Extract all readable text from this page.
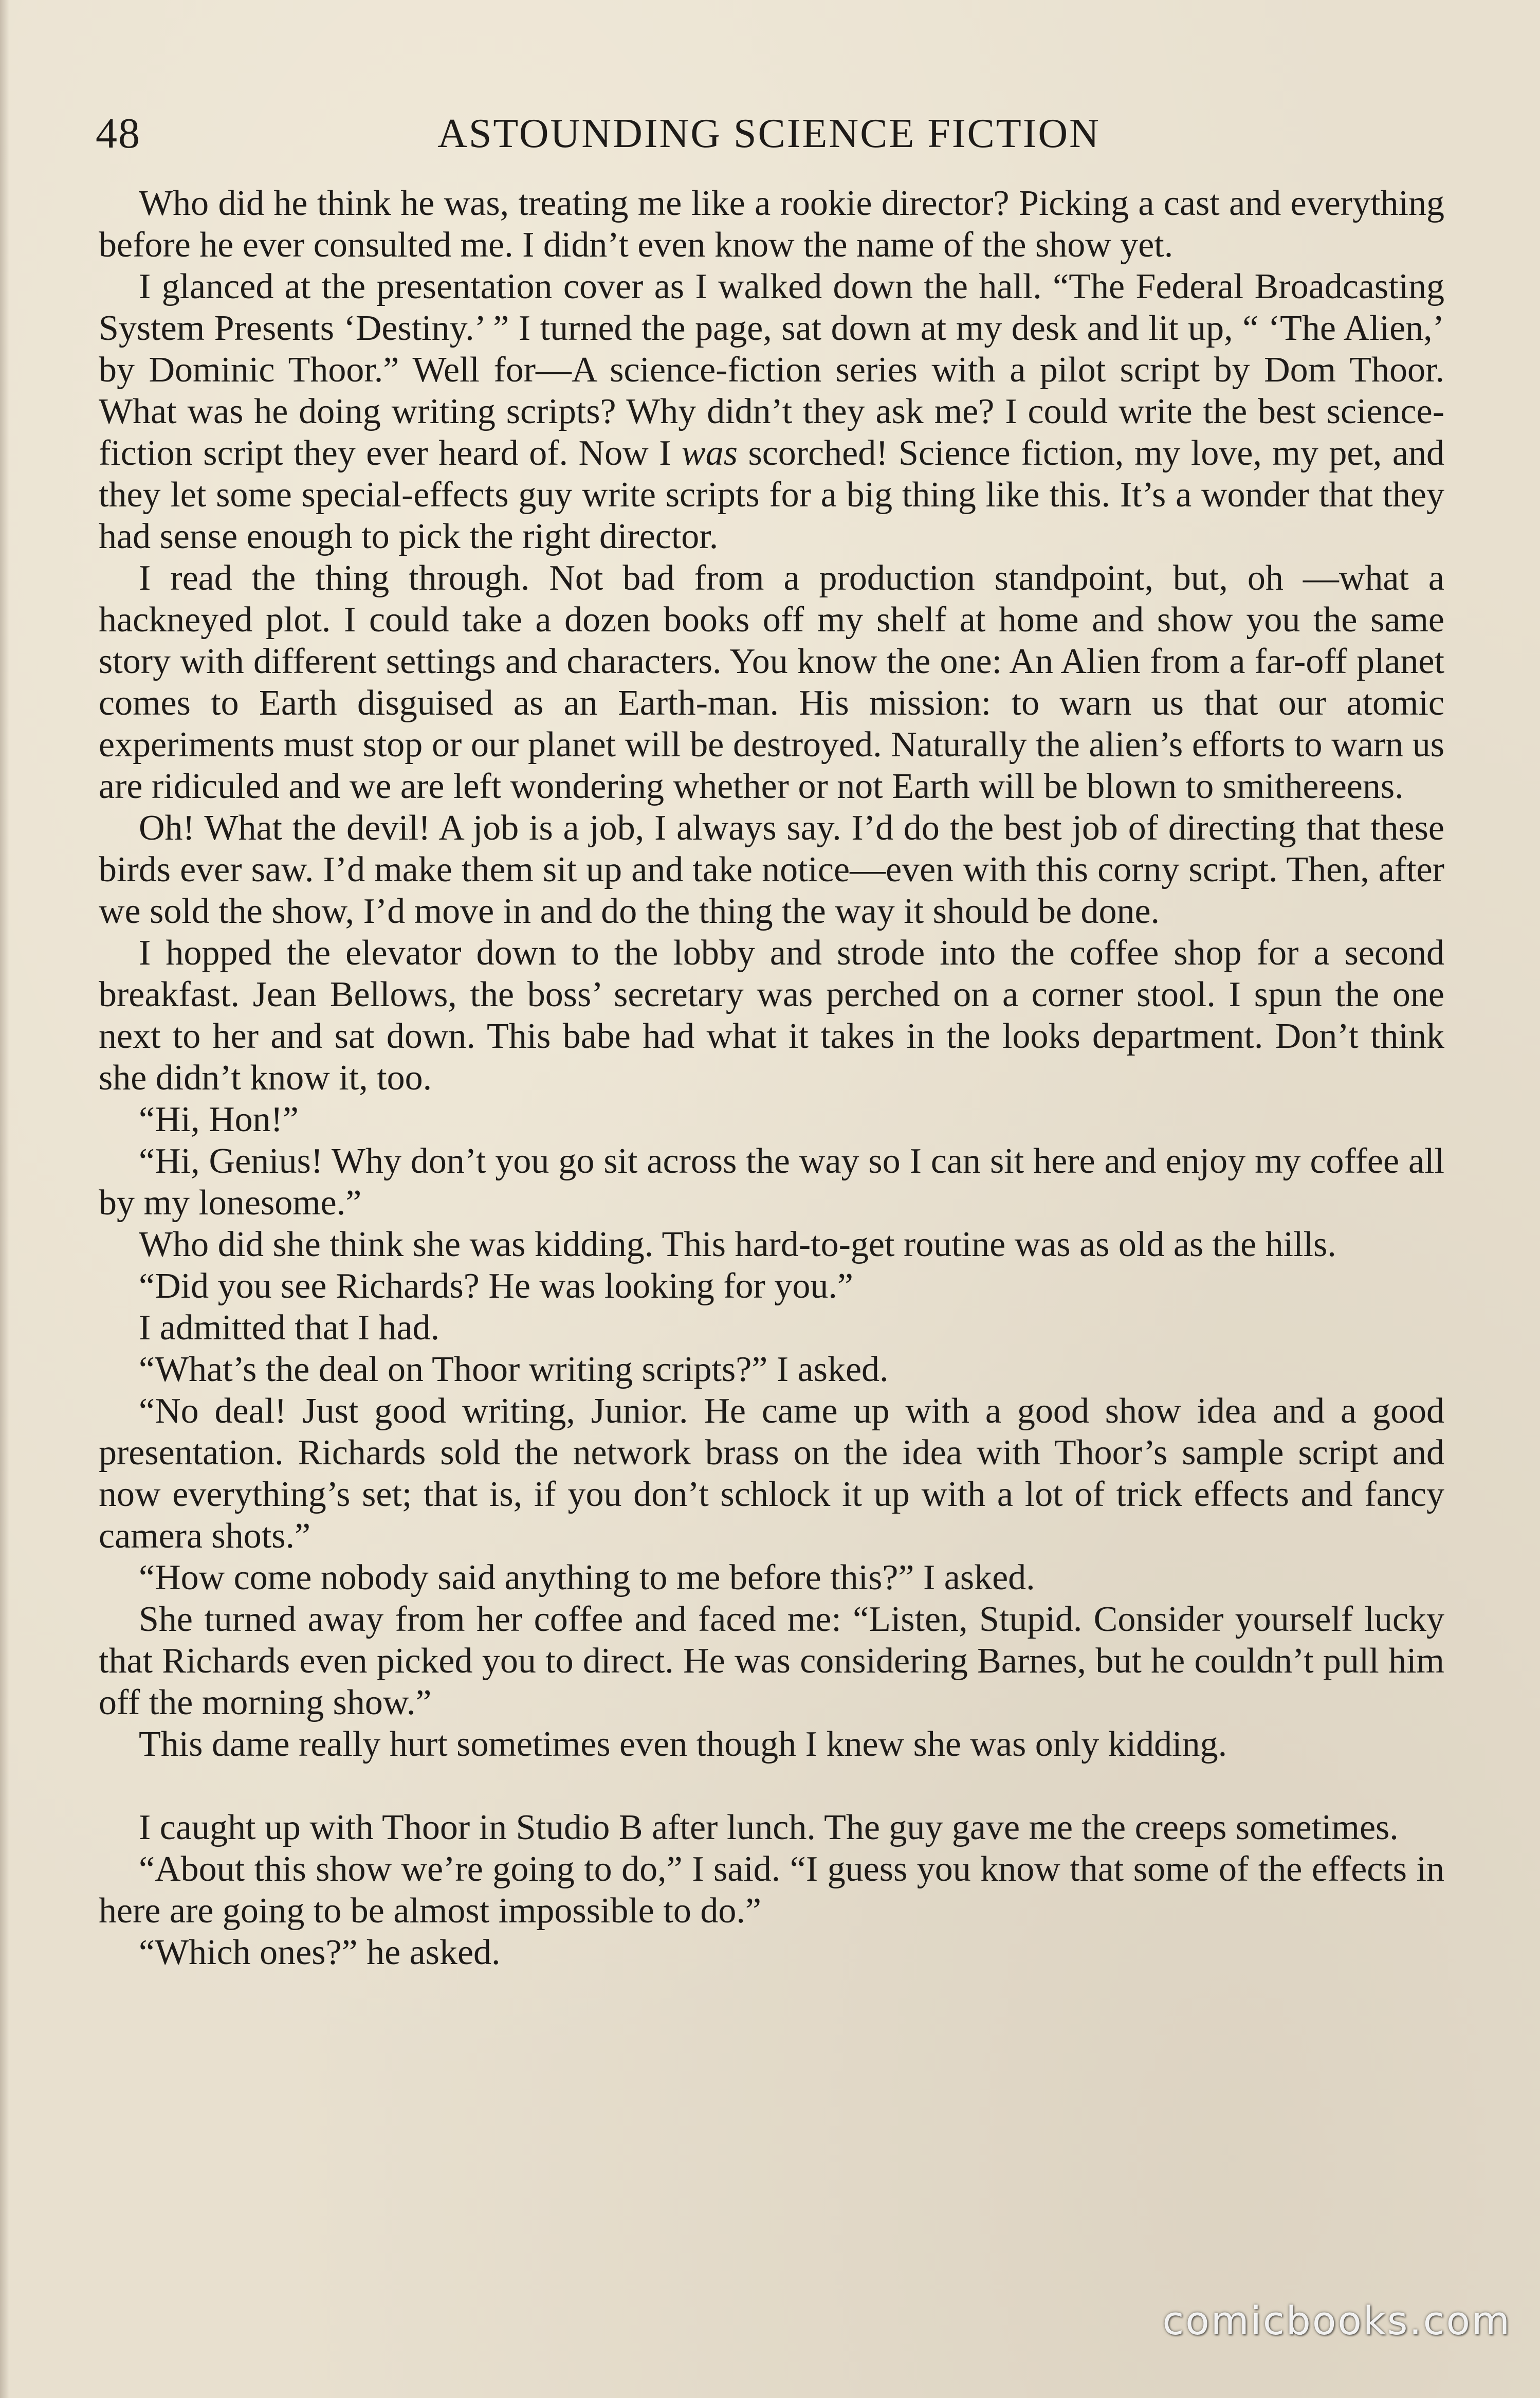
48	ASTOUNDING SCIENCE FICTION

Who did he think he was, treating me like a rookie director? Picking a cast and everything before he ever consulted me. I didn’t even know the name of the show yet.

I glanced at the presentation cover as I walked down the hall. “The Federal Broadcasting System Presents ‘Destiny.’ ” I turned the page, sat down at my desk and lit up, “ ‘The Alien,’ by Dominic Thoor.” Well for—A science-fiction series with a pilot script by Dom Thoor. What was he doing writing scripts? Why didn’t they ask me? I could write the best science-fiction script they ever heard of. Now I was scorched! Science fiction, my love, my pet, and they let some special-effects guy write scripts for a big thing like this. It’s a wonder that they had sense enough to pick the right director.

I read the thing through. Not bad from a production standpoint, but, oh —what a hackneyed plot. I could take a dozen books off my shelf at home and show you the same story with different settings and characters. You know the one: An Alien from a far-off planet comes to Earth disguised as an Earth-man. His mission: to warn us that our atomic experiments must stop or our planet will be destroyed. Naturally the alien’s efforts to warn us are ridiculed and we are left wondering whether or not Earth will be blown to smithereens.

Oh! What the devil! A job is a job, I always say. I’d do the best job of directing that these birds ever saw. I’d make them sit up and take notice—even with this corny script. Then, after we sold the show, I’d move in and do the thing the way it should be done.

I hopped the elevator down to the lobby and strode into the coffee shop for a second breakfast. Jean Bellows, the boss’ secretary was perched on a corner stool. I spun the one next to her and sat down. This babe had what it takes in the looks department. Don’t think she didn’t know it, too.

“Hi, Hon!”

“Hi, Genius! Why don’t you go sit across the way so I can sit here and enjoy my coffee all by my lonesome.”

Who did she think she was kidding. This hard-to-get routine was as old as the hills.

“Did you see Richards? He was looking for you.”

I admitted that I had.

“What’s the deal on Thoor writing scripts?” I asked.

“No deal! Just good writing, Junior. He came up with a good show idea and a good presentation. Richards sold the network brass on the idea with Thoor’s sample script and now everything’s set; that is, if you don’t schlock it up with a lot of trick effects and fancy camera shots.”

“How come nobody said anything to me before this?” I asked.

She turned away from her coffee and faced me: “Listen, Stupid. Consider yourself lucky that Richards even picked you to direct. He was considering Barnes, but he couldn’t pull him off the morning show.”

This dame really hurt sometimes even though I knew she was only kidding.

I caught up with Thoor in Studio B after lunch. The guy gave me the creeps sometimes.

“About this show we’re going to do,” I said. “I guess you know that some of the effects in here are going to be almost impossible to do.”

“Which ones?” he asked.

comicbooks.com
